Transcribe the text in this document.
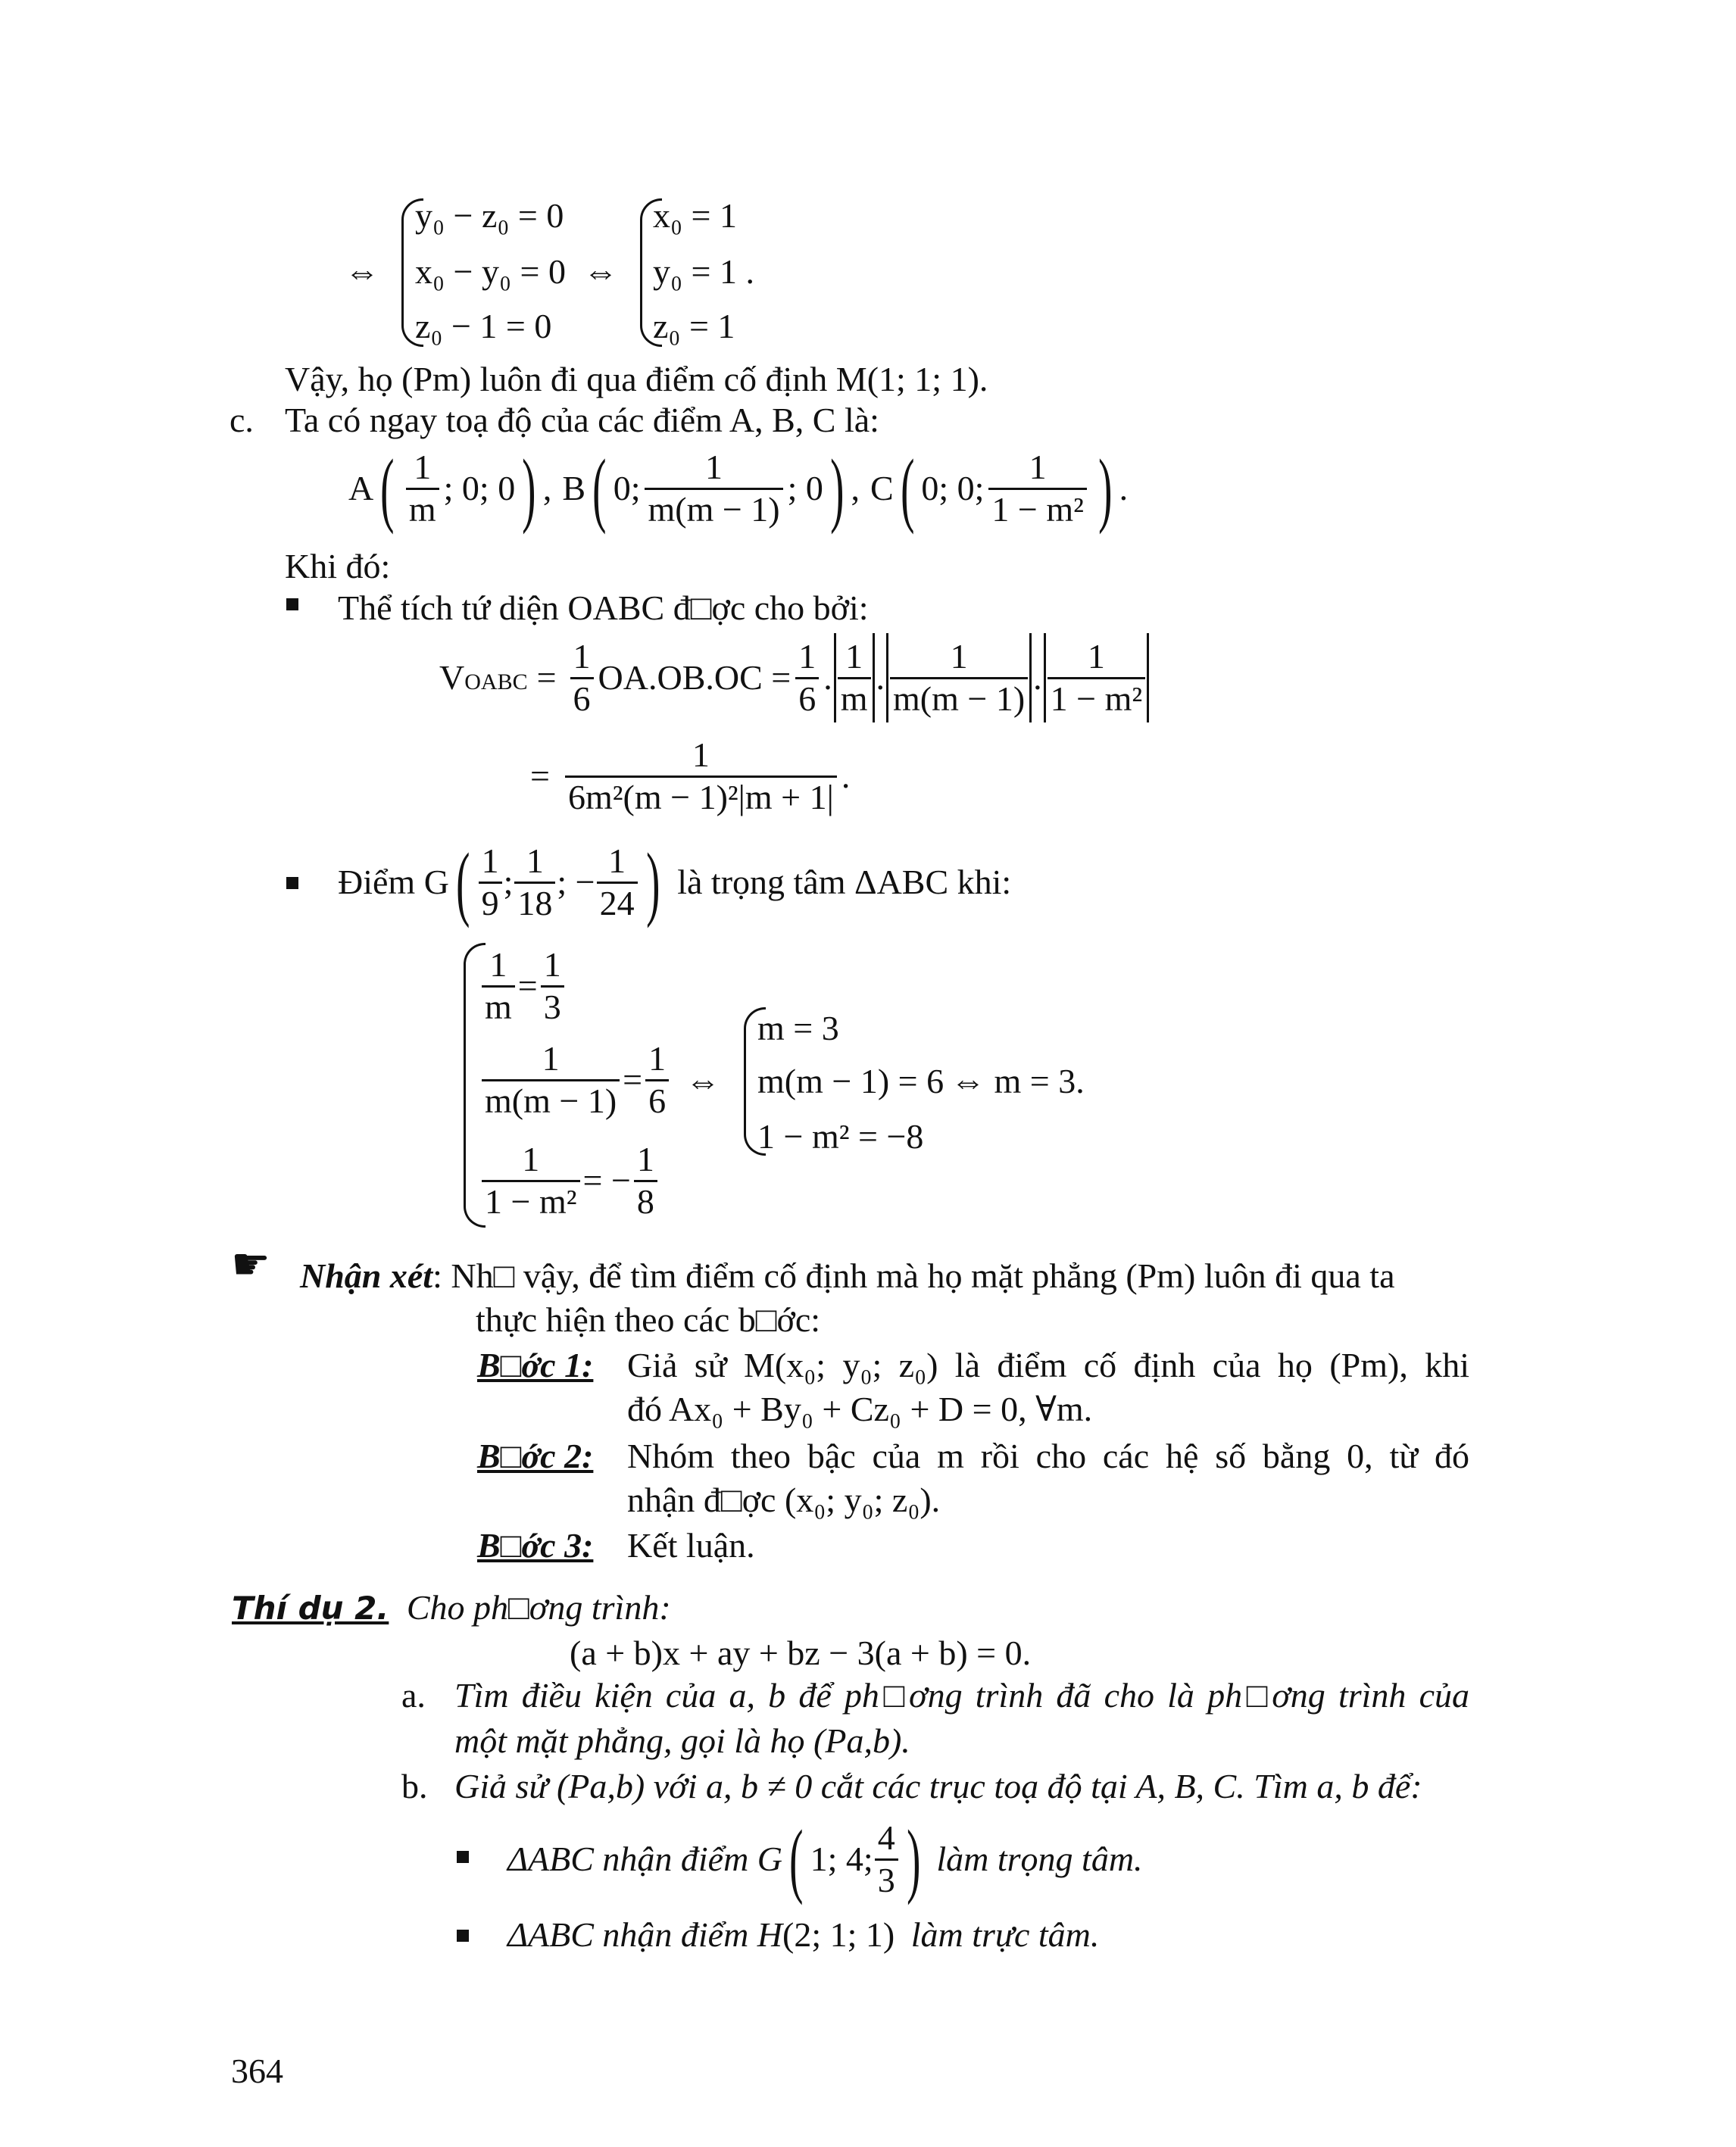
⇔
y₀ − z₀ = 0
x₀ − y₀ = 0
z₀ − 1 = 0
⇔
x₀ = 1
y₀ = 1 .
z₀ = 1
Vậy, họ (Pm) luôn đi qua điểm cố định M(1; 1; 1).
c. Ta có ngay toạ độ của các điểm A, B, C là:
A ( $\frac{1}{m}$ ; 0; 0 ) , B ( 0; $\frac{1}{m(m - 1)}$ ; 0 ) , C ( 0; 0; $\frac{1}{\text{1 − m²}}$ ) .
Khi đó:
Thể tích tứ diện OABC đ□ợc cho bởi:
V OABC = $\frac{1}{6} OA.OB.OC = \frac{1}{6}$ . $\frac{1}{m}$ . $\frac{1}{m(m - 1)}$ . $\frac{1}{\text{1 − m²}}$
= $\frac{1}{\text{6m²(m − 1)²|m + 1|}}$ .
Điểm G ( $\frac{1}{9}$ ; $\frac{1}{18}$ ; − $\frac{1}{24}$ ) là trọng tâm ΔABC khi:
$\frac{1}{m} = \frac{1}{3}$
$\frac{1}{m(m - 1)} = \frac{1}{6}$
$\frac{1}{\text{1 − m²}}$ = − $\frac{1}{8}$
⇔
m = 3
m(m − 1) = 6
1 − m² = −8
⇔ m = 3.
☛ Nhận xét: Nh□ vậy, để tìm điểm cố định mà họ mặt phẳng (Pm) luôn đi qua ta
thực hiện theo các b□ớc:
B□ớc 1: Giả sử M(x₀; y₀; z₀) là điểm cố định của họ (Pm), khi
đó Ax₀ + By₀ + Cz₀ + D = 0, ∀m.
B□ớc 2: Nhóm theo bậc của m rồi cho các hệ số bằng 0, từ đó
nhận đ□ợc (x₀; y₀; z₀).
B□ớc 3: Kết luận.
Thí dụ 2. Cho ph□ơng trình:
(a + b)x + ay + bz − 3(a + b) = 0.
a. Tìm điều kiện của a, b để ph□ơng trình đã cho là ph□ơng trình của
một mặt phẳng, gọi là họ (Pa,b).
b. Giả sử (Pa,b) với a, b ≠ 0 cắt các trục toạ độ tại A, B, C. Tìm a, b để:
ΔABC nhận điểm G ( 1; 4; $\frac{4}{3}$ ) làm trọng tâm.
ΔABC nhận điểm H(2; 1; 1) làm trực tâm.
364
